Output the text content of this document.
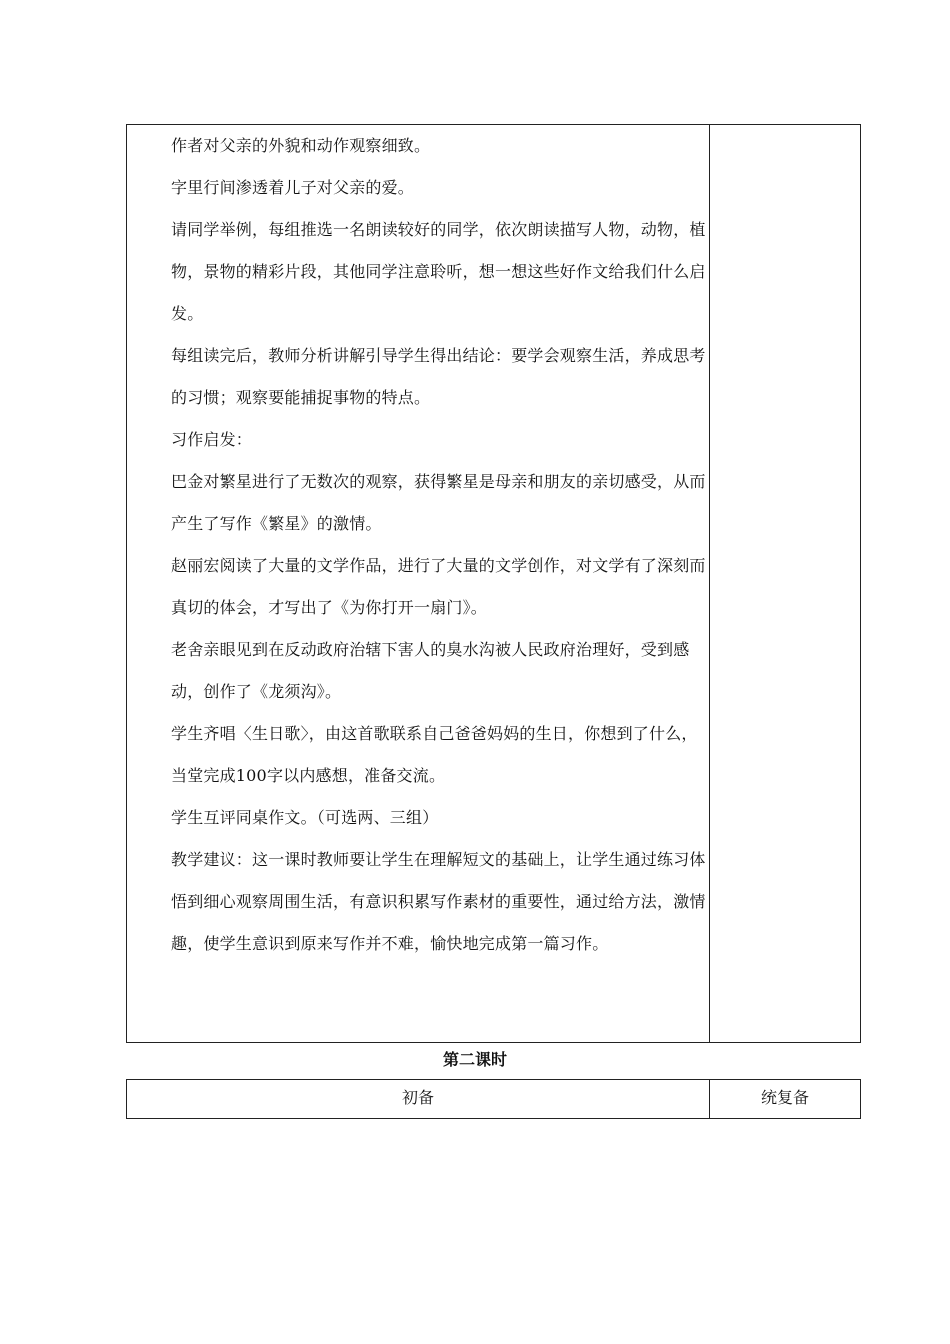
作者对父亲的外貌和动作观察细致。

字里行间渗透着儿子对父亲的爱。

请同学举例，每组推选一名朗读较好的同学，依次朗读描写人物，动物，植物，景物的精彩片段，其他同学注意聆听，想一想这些好作文给我们什么启发。

每组读完后，教师分析讲解引导学生得出结论：要学会观察生活，养成思考的习惯；观察要能捕捉事物的特点。

习作启发：

巴金对繁星进行了无数次的观察，获得繁星是母亲和朋友的亲切感受，从而产生了写作《繁星》的激情。

赵丽宏阅读了大量的文学作品，进行了大量的文学创作，对文学有了深刻而真切的体会，才写出了《为你打开一扇门》。

老舍亲眼见到在反动政府治辖下害人的臭水沟被人民政府治理好，受到感动，创作了《龙须沟》。

学生齐唱〈生日歌〉，由这首歌联系自己爸爸妈妈的生日，你想到了什么，当堂完成100字以内感想，准备交流。

学生互评同桌作文。（可选两、三组）

教学建议：这一课时教师要让学生在理解短文的基础上，让学生通过练习体悟到细心观察周围生活，有意识积累写作素材的重要性，通过给方法，激情趣，使学生意识到原来写作并不难，愉快地完成第一篇习作。

第二课时
初备	统复备
